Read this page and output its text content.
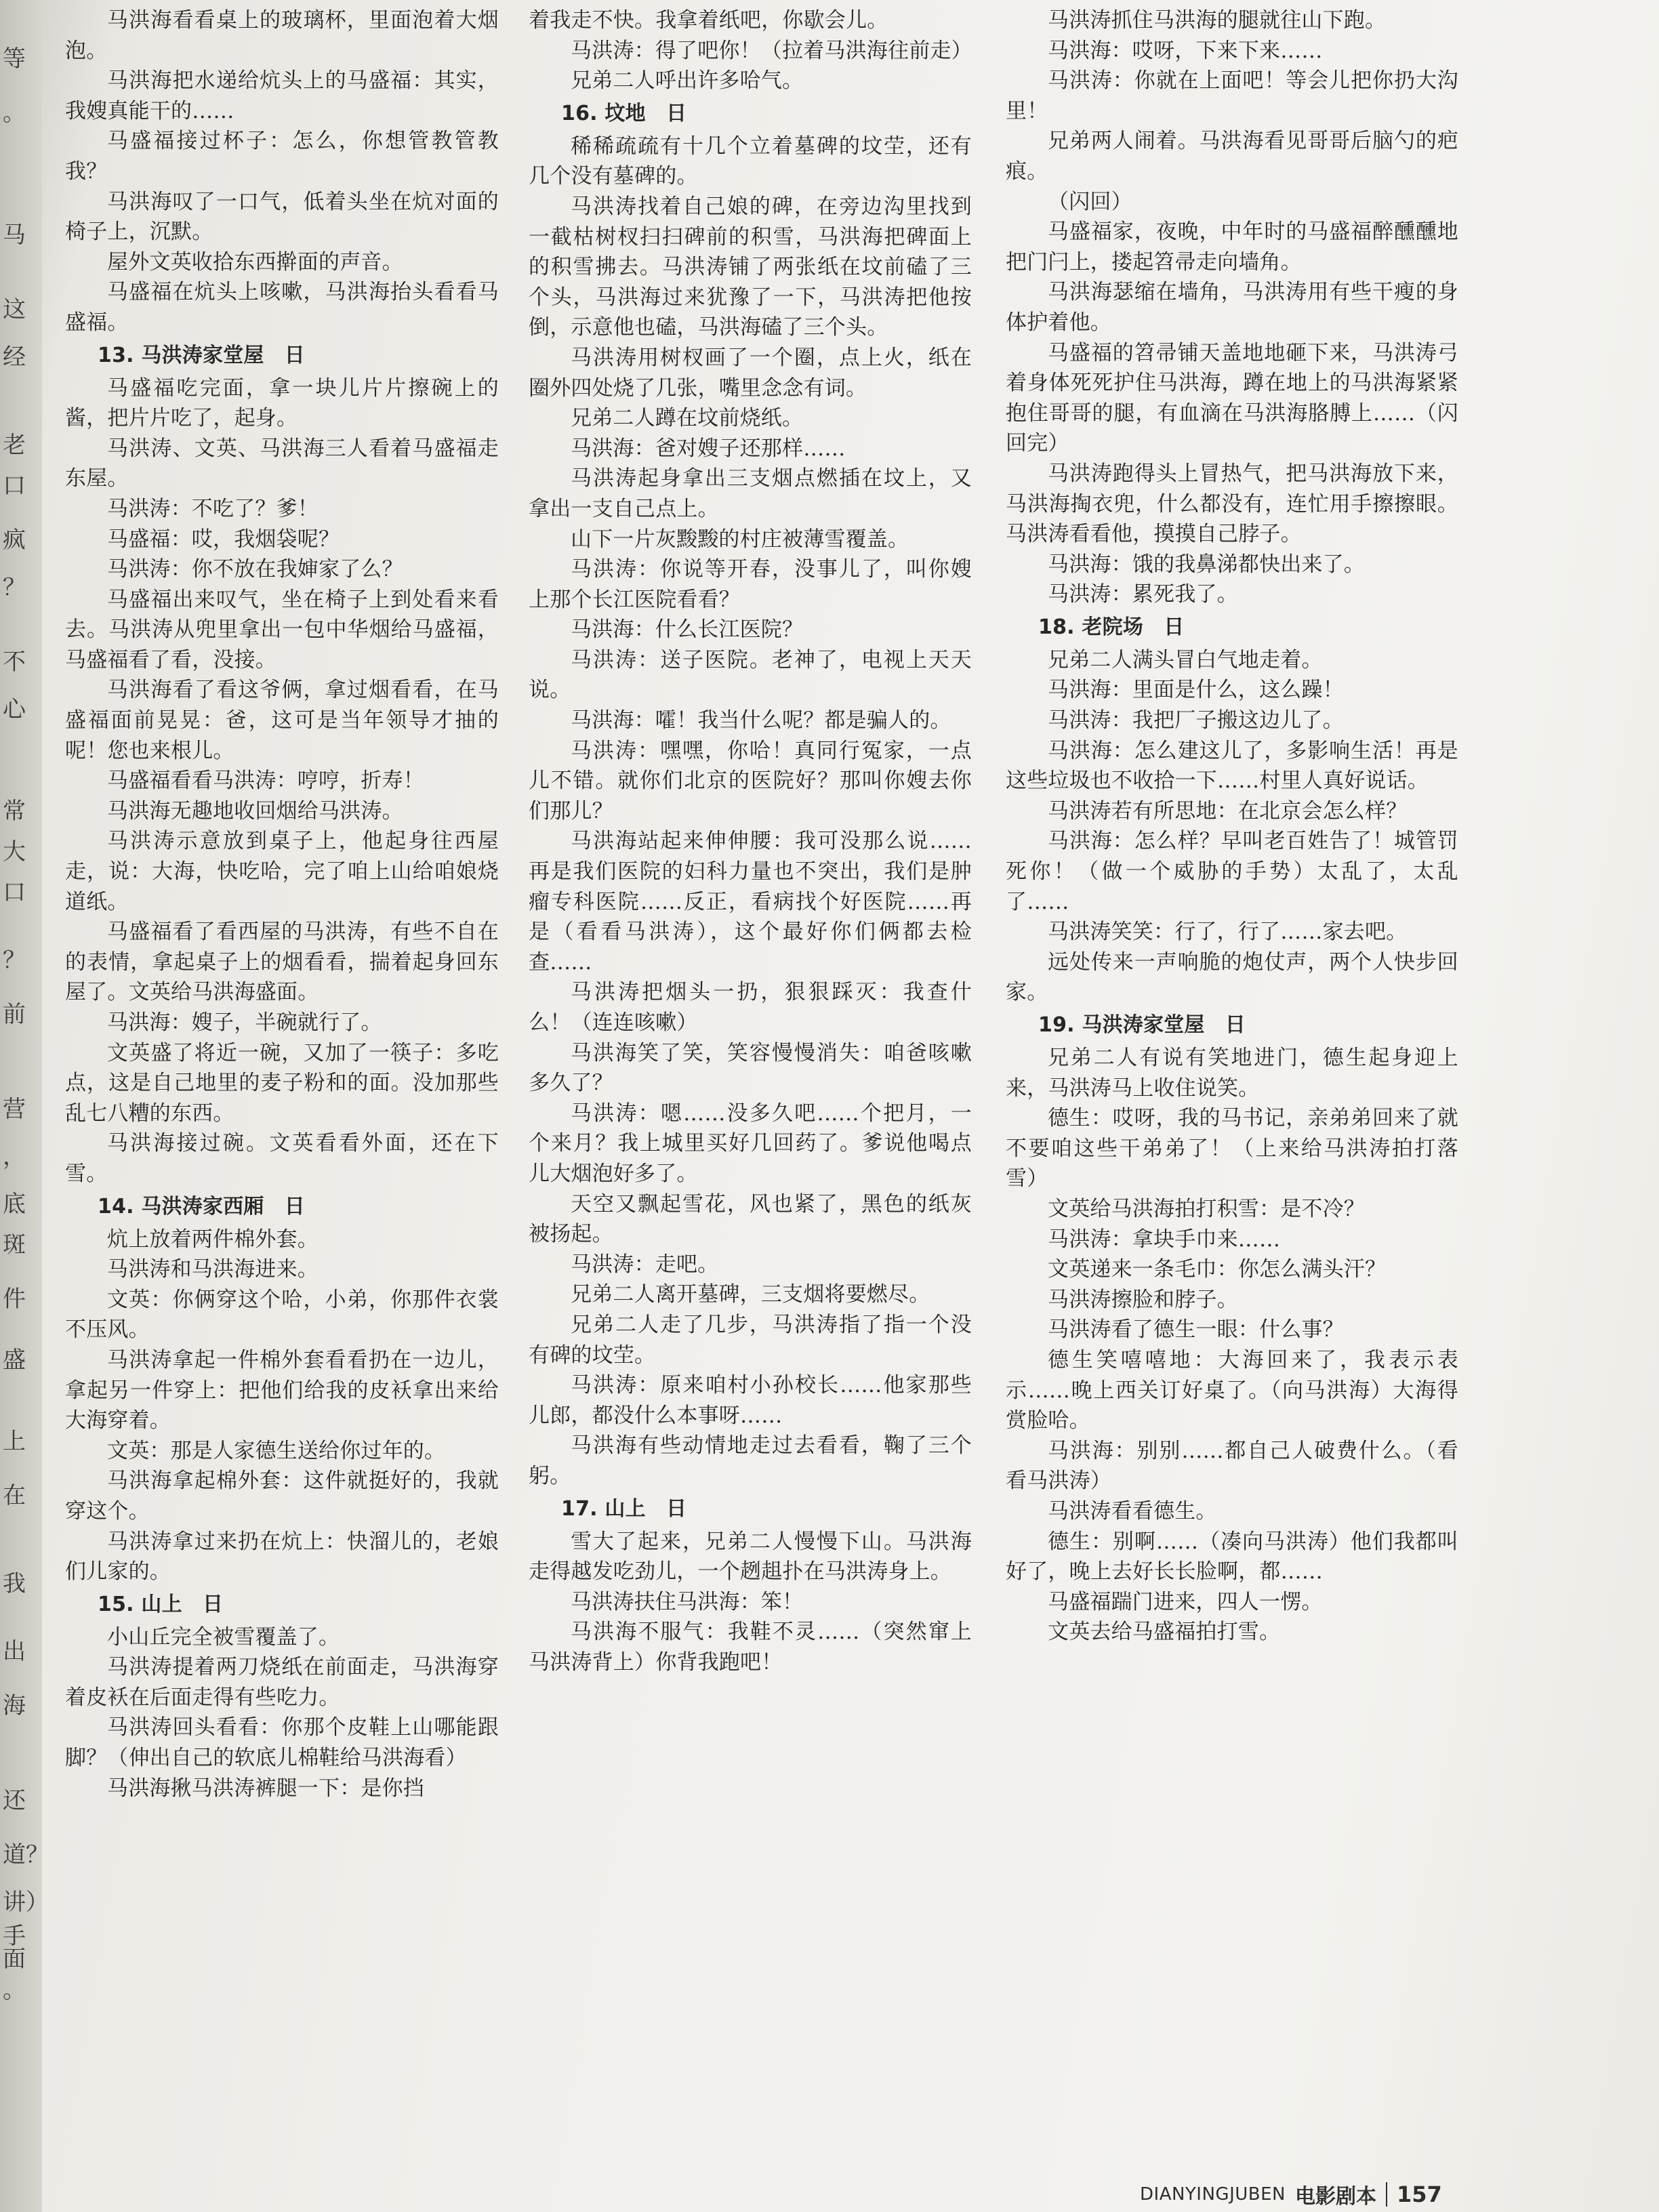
等
。
马
这
经
老
口
疯
？
不
心
常
大
口
？
前
营
，
底
斑
件
盛
上
在
我
出
海
还
道？
讲）
手面
。

马洪海看看桌上的玻璃杯，里面泡着大烟泡。

马洪海把水递给炕头上的马盛福：其实，我嫂真能干的……

马盛福接过杯子：怎么，你想管教管教我？

马洪海叹了一口气，低着头坐在炕对面的椅子上，沉默。

屋外文英收拾东西擀面的声音。

马盛福在炕头上咳嗽，马洪海抬头看看马盛福。

13. 马洪涛家堂屋　日

马盛福吃完面，拿一块儿片片擦碗上的酱，把片片吃了，起身。

马洪涛、文英、马洪海三人看着马盛福走东屋。

马洪涛：不吃了？爹！

马盛福：哎，我烟袋呢？

马洪涛：你不放在我婶家了么？

马盛福出来叹气，坐在椅子上到处看来看去。马洪涛从兜里拿出一包中华烟给马盛福，马盛福看了看，没接。

马洪海看了看这爷俩，拿过烟看看，在马盛福面前晃晃：爸，这可是当年领导才抽的呢！您也来根儿。

马盛福看看马洪涛：哼哼，折寿！

马洪海无趣地收回烟给马洪涛。

马洪涛示意放到桌子上，他起身往西屋走，说：大海，快吃哈，完了咱上山给咱娘烧道纸。

马盛福看了看西屋的马洪涛，有些不自在的表情，拿起桌子上的烟看看，揣着起身回东屋了。文英给马洪海盛面。

马洪海：嫂子，半碗就行了。

文英盛了将近一碗，又加了一筷子：多吃点，这是自己地里的麦子粉和的面。没加那些乱七八糟的东西。

马洪海接过碗。文英看看外面，还在下雪。

14. 马洪涛家西厢　日

炕上放着两件棉外套。

马洪涛和马洪海进来。

文英：你俩穿这个哈，小弟，你那件衣裳不压风。

马洪涛拿起一件棉外套看看扔在一边儿，拿起另一件穿上：把他们给我的皮袄拿出来给大海穿着。

文英：那是人家德生送给你过年的。

马洪海拿起棉外套：这件就挺好的，我就穿这个。

马洪涛拿过来扔在炕上：快溜儿的，老娘们儿家的。

15. 山上　日

小山丘完全被雪覆盖了。

马洪涛提着两刀烧纸在前面走，马洪海穿着皮袄在后面走得有些吃力。

马洪涛回头看看：你那个皮鞋上山哪能跟脚？（伸出自己的软底儿棉鞋给马洪海看）

马洪海揪马洪涛裤腿一下：是你挡

着我走不快。我拿着纸吧，你歇会儿。

马洪涛：得了吧你！（拉着马洪海往前走）

兄弟二人呼出许多哈气。

16. 坟地　日

稀稀疏疏有十几个立着墓碑的坟茔，还有几个没有墓碑的。

马洪涛找着自己娘的碑，在旁边沟里找到一截枯树杈扫扫碑前的积雪，马洪海把碑面上的积雪拂去。马洪涛铺了两张纸在坟前磕了三个头，马洪海过来犹豫了一下，马洪涛把他按倒，示意他也磕，马洪海磕了三个头。

马洪涛用树杈画了一个圈，点上火，纸在圈外四处烧了几张，嘴里念念有词。

兄弟二人蹲在坟前烧纸。

马洪海：爸对嫂子还那样……

马洪涛起身拿出三支烟点燃插在坟上，又拿出一支自己点上。

山下一片灰黢黢的村庄被薄雪覆盖。

马洪涛：你说等开春，没事儿了，叫你嫂上那个长江医院看看？

马洪海：什么长江医院？

马洪涛：送子医院。老神了，电视上天天说。

马洪海：嚯！我当什么呢？都是骗人的。

马洪涛：嘿嘿，你哈！真同行冤家，一点儿不错。就你们北京的医院好？那叫你嫂去你们那儿？

马洪海站起来伸伸腰：我可没那么说……再是我们医院的妇科力量也不突出，我们是肿瘤专科医院……反正，看病找个好医院……再是（看看马洪涛），这个最好你们俩都去检查……

马洪涛把烟头一扔，狠狠踩灭：我查什么！（连连咳嗽）

马洪海笑了笑，笑容慢慢消失：咱爸咳嗽多久了？

马洪涛：嗯……没多久吧……个把月，一个来月？我上城里买好几回药了。爹说他喝点儿大烟泡好多了。

天空又飘起雪花，风也紧了，黑色的纸灰被扬起。

马洪涛：走吧。

兄弟二人离开墓碑，三支烟将要燃尽。

兄弟二人走了几步，马洪涛指了指一个没有碑的坟茔。

马洪涛：原来咱村小孙校长……他家那些儿郎，都没什么本事呀……

马洪海有些动情地走过去看看，鞠了三个躬。

17. 山上　日

雪大了起来，兄弟二人慢慢下山。马洪海走得越发吃劲儿，一个趔趄扑在马洪涛身上。

马洪涛扶住马洪海：笨！

马洪海不服气：我鞋不灵……（突然窜上马洪涛背上）你背我跑吧！

马洪涛抓住马洪海的腿就往山下跑。

马洪海：哎呀，下来下来……

马洪涛：你就在上面吧！等会儿把你扔大沟里！

兄弟两人闹着。马洪海看见哥哥后脑勺的疤痕。

（闪回）

马盛福家，夜晚，中年时的马盛福醉醺醺地把门闩上，搂起笤帚走向墙角。

马洪海瑟缩在墙角，马洪涛用有些干瘦的身体护着他。

马盛福的笤帚铺天盖地地砸下来，马洪涛弓着身体死死护住马洪海，蹲在地上的马洪海紧紧抱住哥哥的腿，有血滴在马洪海胳膊上……（闪回完）

马洪涛跑得头上冒热气，把马洪海放下来，马洪海掏衣兜，什么都没有，连忙用手擦擦眼。马洪涛看看他，摸摸自己脖子。

马洪海：饿的我鼻涕都快出来了。

马洪涛：累死我了。

18. 老院场　日

兄弟二人满头冒白气地走着。

马洪海：里面是什么，这么躁！

马洪涛：我把厂子搬这边儿了。

马洪海：怎么建这儿了，多影响生活！再是这些垃圾也不收拾一下……村里人真好说话。

马洪涛若有所思地：在北京会怎么样？

马洪海：怎么样？早叫老百姓告了！城管罚死你！（做一个威胁的手势）太乱了，太乱了……

马洪涛笑笑：行了，行了……家去吧。

远处传来一声响脆的炮仗声，两个人快步回家。

19. 马洪涛家堂屋　日

兄弟二人有说有笑地进门，德生起身迎上来，马洪涛马上收住说笑。

德生：哎呀，我的马书记，亲弟弟回来了就不要咱这些干弟弟了！（上来给马洪涛拍打落雪）

文英给马洪海拍打积雪：是不冷？

马洪涛：拿块手巾来……

文英递来一条毛巾：你怎么满头汗？

马洪涛擦脸和脖子。

马洪涛看了德生一眼：什么事？

德生笑嘻嘻地：大海回来了，我表示表示……晚上西关订好桌了。（向马洪海）大海得赏脸哈。

马洪海：别别……都自己人破费什么。（看看马洪涛）

马洪涛看看德生。

德生：别啊……（凑向马洪涛）他们我都叫好了，晚上去好长长脸啊，都……

马盛福踹门进来，四人一愣。

文英去给马盛福拍打雪。

DIANYINGJUBEN 电影剧本 157
